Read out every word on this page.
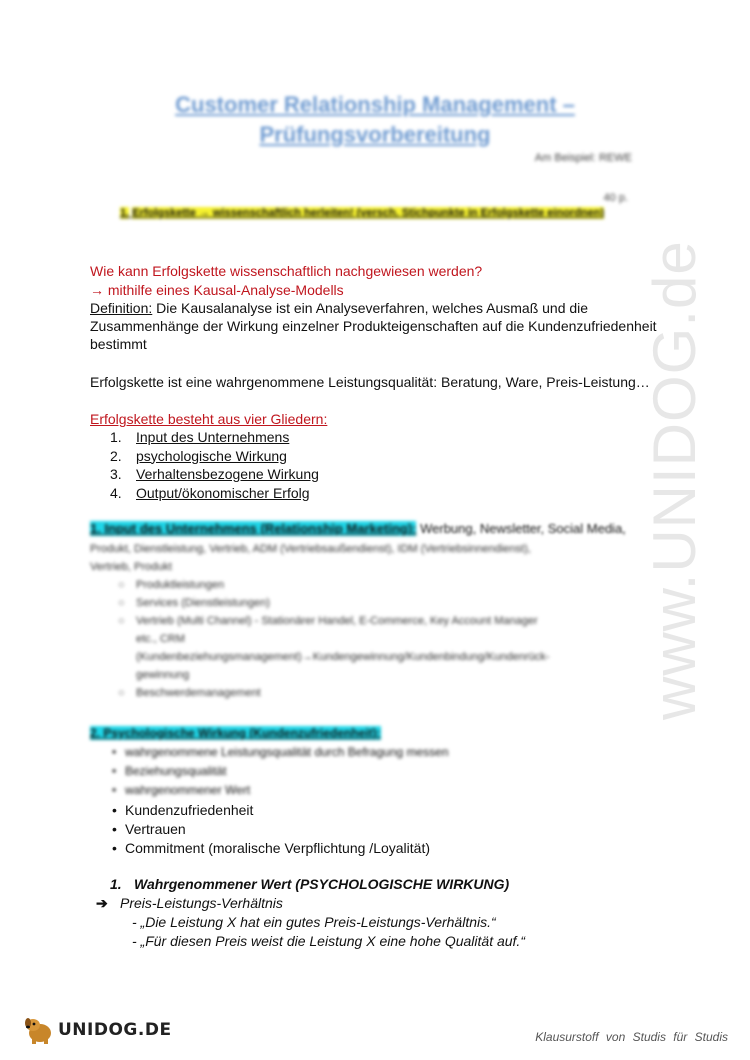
www.UNIDOG.de
Customer Relationship Management –
Prüfungsvorbereitung
Am Beispiel: REWE
40 p.
1. Erfolgskette → wissenschaftlich herleiten! (versch. Stichpunkte in Erfolgskette einordnen)
Wie kann Erfolgskette wissenschaftlich nachgewiesen werden?
→ mithilfe eines Kausal-Analyse-Modells
Definition: Die Kausalanalyse ist ein Analyseverfahren, welches Ausmaß und die Zusammenhänge der Wirkung einzelner Produkteigenschaften auf die Kundenzufriedenheit bestimmt
Erfolgskette ist eine wahrgenommene Leistungsqualität: Beratung, Ware, Preis-Leistung…
Erfolgskette besteht aus vier Gliedern:
1.	Input des Unternehmens
2.	psychologische Wirkung
3.	Verhaltensbezogene Wirkung
4.	Output/ökonomischer Erfolg
1. Input des Unternehmens (Relationship Marketing): Werbung, Newsletter, Social Media,
Produkt, Dienstleistung, Vertrieb, ADM (Vertriebsaußendienst), IDM (Vertriebsinnendienst),
Vertrieb, Produkt
○	Produktleistungen
○	Services (Dienstleistungen)
○	Vertrieb (Multi Channel) - Stationärer Handel, E-Commerce, Key Account Manager
etc., CRM
(Kundenbeziehungsmanagement)→Kundengewinnung/Kundenbindung/Kundenrück-
gewinnung
○	Beschwerdemanagement
2. Psychologische Wirkung (Kundenzufriedenheit):
• wahrgenommene Leistungsqualität durch Befragung messen
• Beziehungsqualität
• wahrgenommener Wert
• Kundenzufriedenheit
• Vertrauen
• Commitment (moralische Verpflichtung /Loyalität)
1. Wahrgenommener Wert (PSYCHOLOGISCHE WIRKUNG)
➔ Preis-Leistungs-Verhältnis
- „Die Leistung X hat ein gutes Preis-Leistungs-Verhältnis.“
- „Für diesen Preis weist die Leistung X eine hohe Qualität auf.“
UNIDOG.DE	Klausurstoff von Studis für Studis
